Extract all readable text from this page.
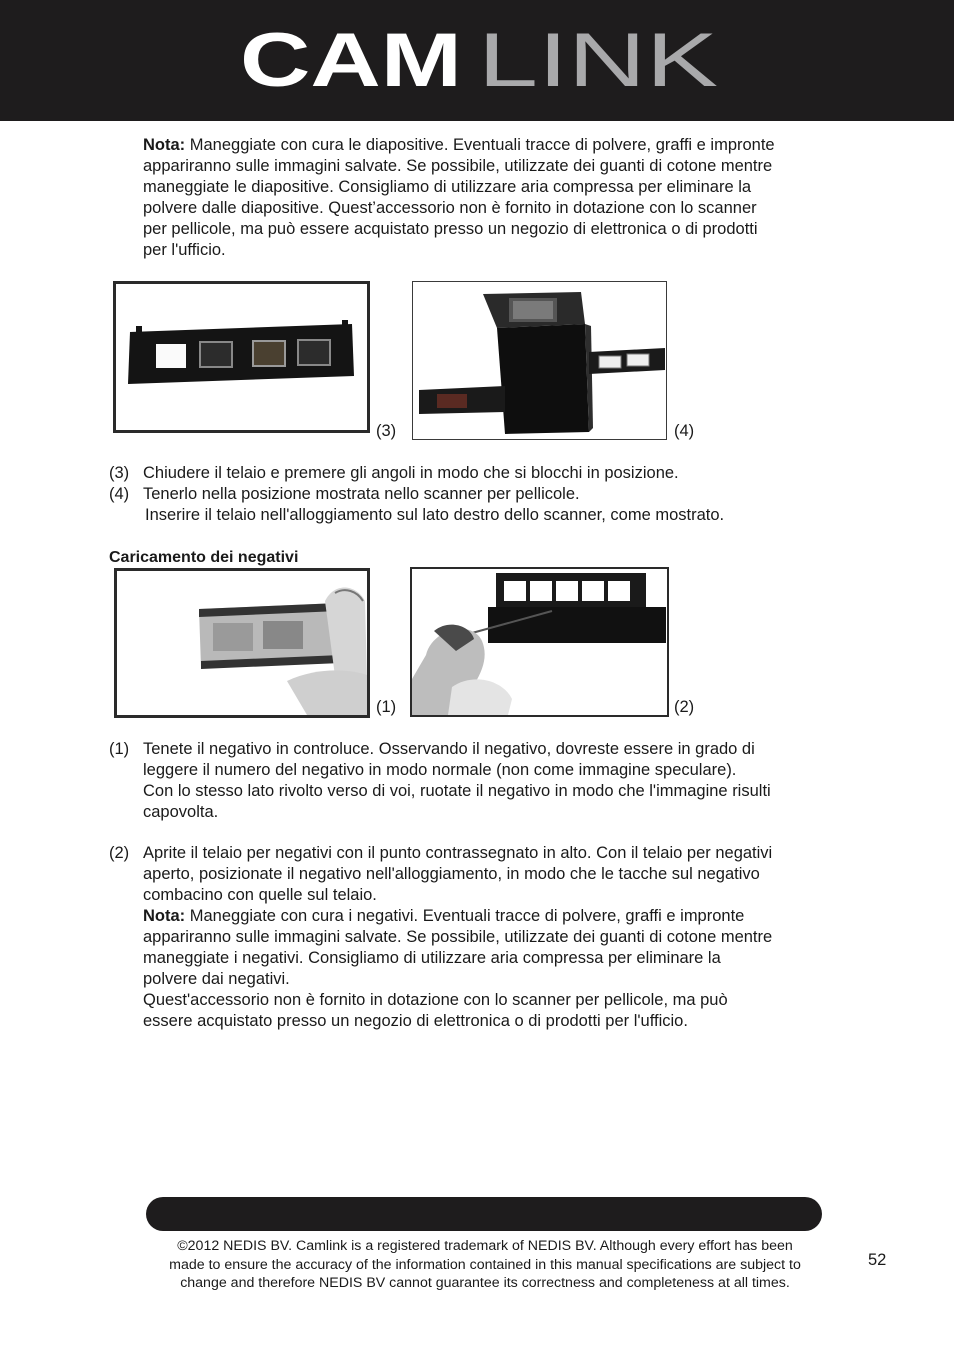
CAM LINK
Nota: Maneggiate con cura le diapositive. Eventuali tracce di polvere, graffi e impronte
appariranno sulle immagini salvate. Se possibile, utilizzate dei guanti di cotone mentre
maneggiate le diapositive. Consigliamo di utilizzare aria compressa per eliminare la
polvere dalle diapositive. Quest’accessorio non è fornito in dotazione con lo scanner
per pellicole, ma può essere acquistato presso un negozio di elettronica o di prodotti
per l'ufficio.
(3)	(4)
(3) Chiudere il telaio e premere gli angoli in modo che si blocchi in posizione.
(4) Tenerlo nella posizione mostrata nello scanner per pellicole.
Inserire il telaio nell'alloggiamento sul lato destro dello scanner, come mostrato.
Caricamento dei negativi
(1)	(2)
(1) Tenete il negativo in controluce. Osservando il negativo, dovreste essere in grado di
leggere il numero del negativo in modo normale (non come immagine speculare).
Con lo stesso lato rivolto verso di voi, ruotate il negativo in modo che l'immagine risulti
capovolta.
(2) Aprite il telaio per negativi con il punto contrassegnato in alto. Con il telaio per negativi
aperto, posizionate il negativo nell'alloggiamento, in modo che le tacche sul negativo
combacino con quelle sul telaio.
Nota: Maneggiate con cura i negativi. Eventuali tracce di polvere, graffi e impronte
appariranno sulle immagini salvate. Se possibile, utilizzate dei guanti di cotone mentre
maneggiate i negativi. Consigliamo di utilizzare aria compressa per eliminare la
polvere dai negativi.
Quest'accessorio non è fornito in dotazione con lo scanner per pellicole, ma può
essere acquistato presso un negozio di elettronica o di prodotti per l'ufficio.
©2012 NEDIS BV. Camlink is a registered trademark of NEDIS BV. Although every effort has been
made to ensure the accuracy of the information contained in this manual specifications are subject to
change and therefore NEDIS BV cannot guarantee its correctness and completeness at all times.
52
